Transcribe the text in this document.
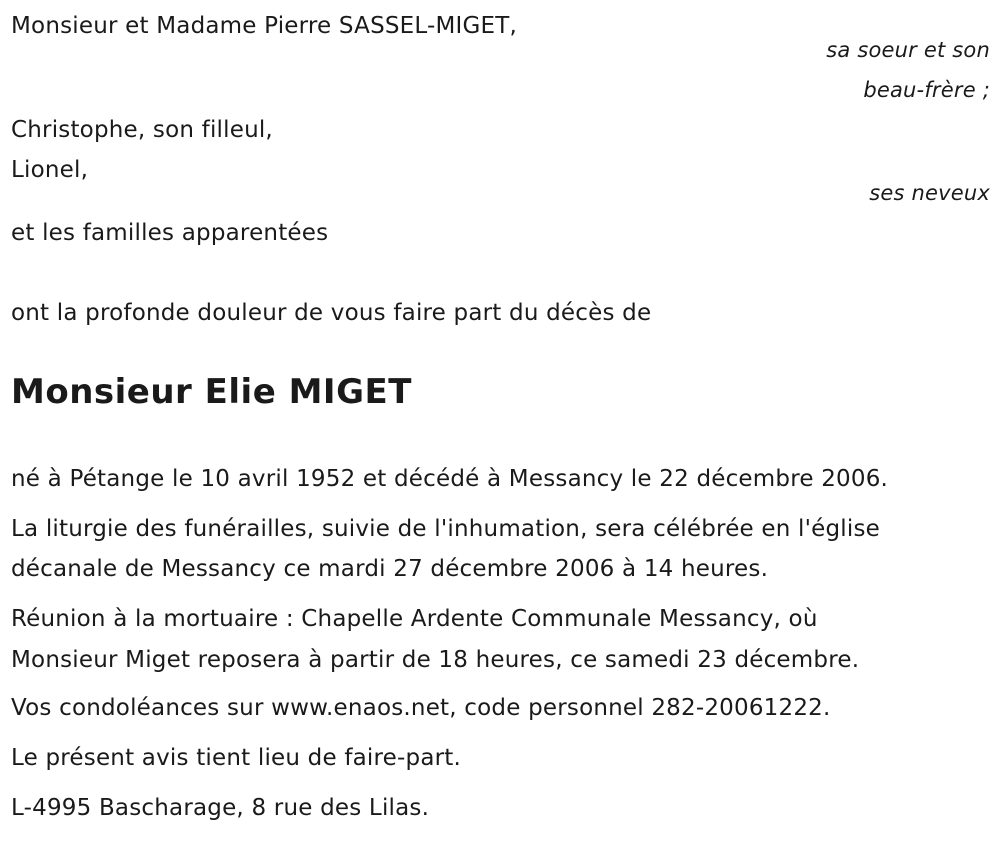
Monsieur et Madame Pierre SASSEL-MIGET,
sa soeur et son
beau-frère ;
Christophe, son filleul,
Lionel,
ses neveux
et les familles apparentées
ont la profonde douleur de vous faire part du décès de
Monsieur Elie MIGET
né à Pétange le 10 avril 1952 et décédé à Messancy le 22 décembre 2006.
La liturgie des funérailles, suivie de l'inhumation, sera célébrée en l'église
décanale de Messancy ce mardi 27 décembre 2006 à 14 heures.
Réunion à la mortuaire : Chapelle Ardente Communale Messancy, où
Monsieur Miget reposera à partir de 18 heures, ce samedi 23 décembre.
Vos condoléances sur www.enaos.net, code personnel 282-20061222.
Le présent avis tient lieu de faire-part.
L-4995 Bascharage, 8 rue des Lilas.
